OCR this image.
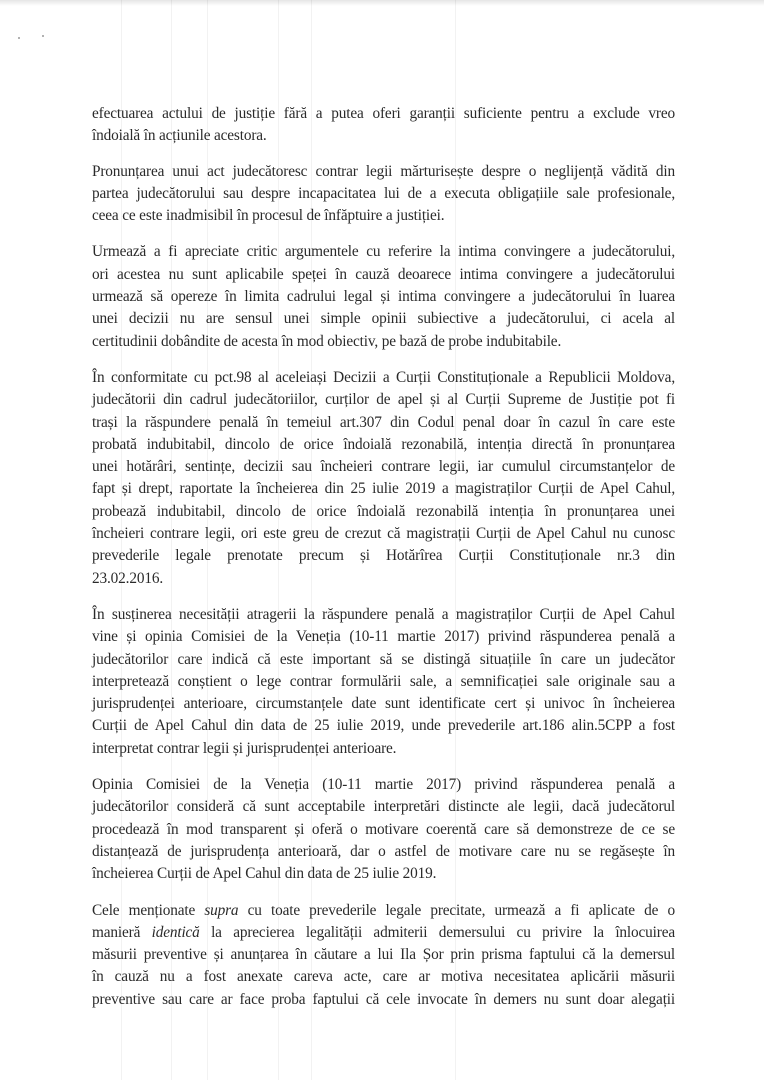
efectuarea actului de justiție fără a putea oferi garanții suficiente pentru a exclude vreo
îndoială în acțiunile acestora.
Pronunțarea unui act judecătoresc contrar legii mărturisește despre o neglijență vădită din
partea judecătorului sau despre incapacitatea lui de a executa obligațiile sale profesionale,
ceea ce este inadmisibil în procesul de înfăptuire a justiției.
Urmează a fi apreciate critic argumentele cu referire la intima convingere a judecătorului,
ori acestea nu sunt aplicabile speței în cauză deoarece intima convingere a judecătorului
urmează să opereze în limita cadrului legal și intima convingere a judecătorului în luarea
unei decizii nu are sensul unei simple opinii subiective a judecătorului, ci acela al
certitudinii dobândite de acesta în mod obiectiv, pe bază de probe indubitabile.
În conformitate cu pct.98 al aceleiași Decizii a Curții Constituționale a Republicii Moldova,
judecătorii din cadrul judecătoriilor, curților de apel și al Curții Supreme de Justiție pot fi
trași la răspundere penală în temeiul art.307 din Codul penal doar în cazul în care este
probată indubitabil, dincolo de orice îndoială rezonabilă, intenția directă în pronunțarea
unei hotărâri, sentințe, decizii sau încheieri contrare legii, iar cumulul circumstanțelor de
fapt și drept, raportate la încheierea din 25 iulie 2019 a magistraților Curții de Apel Cahul,
probează indubitabil, dincolo de orice îndoială rezonabilă intenția în pronunțarea unei
încheieri contrare legii, ori este greu de crezut că magistrații Curții de Apel Cahul nu cunosc
prevederile legale prenotate precum și Hotărîrea Curții Constituționale nr.3 din
23.02.2016.
În susținerea necesității atragerii la răspundere penală a magistraților Curții de Apel Cahul
vine și opinia Comisiei de la Veneția (10-11 martie 2017) privind răspunderea penală a
judecătorilor care indică că este important să se distingă situațiile în care un judecător
interpretează conștient o lege contrar formulării sale, a semnificației sale originale sau a
jurisprudenței anterioare, circumstanțele date sunt identificate cert și univoc în încheierea
Curții de Apel Cahul din data de 25 iulie 2019, unde prevederile art.186 alin.5CPP a fost
interpretat contrar legii și jurisprudenței anterioare.
Opinia Comisiei de la Veneția (10-11 martie 2017) privind răspunderea penală a
judecătorilor consideră că sunt acceptabile interpretări distincte ale legii, dacă judecătorul
procedează în mod transparent și oferă o motivare coerentă care să demonstreze de ce se
distanțează de jurisprudența anterioară, dar o astfel de motivare care nu se regăsește în
încheierea Curții de Apel Cahul din data de 25 iulie 2019.
Cele menționate supra cu toate prevederile legale precitate, urmează a fi aplicate de o
manieră identică la aprecierea legalității admiterii demersului cu privire la înlocuirea
măsurii preventive și anunțarea în căutare a lui Ila Șor prin prisma faptului că la demersul
în cauză nu a fost anexate careva acte, care ar motiva necesitatea aplicării măsurii
preventive sau care ar face proba faptului că cele invocate în demers nu sunt doar alegații
